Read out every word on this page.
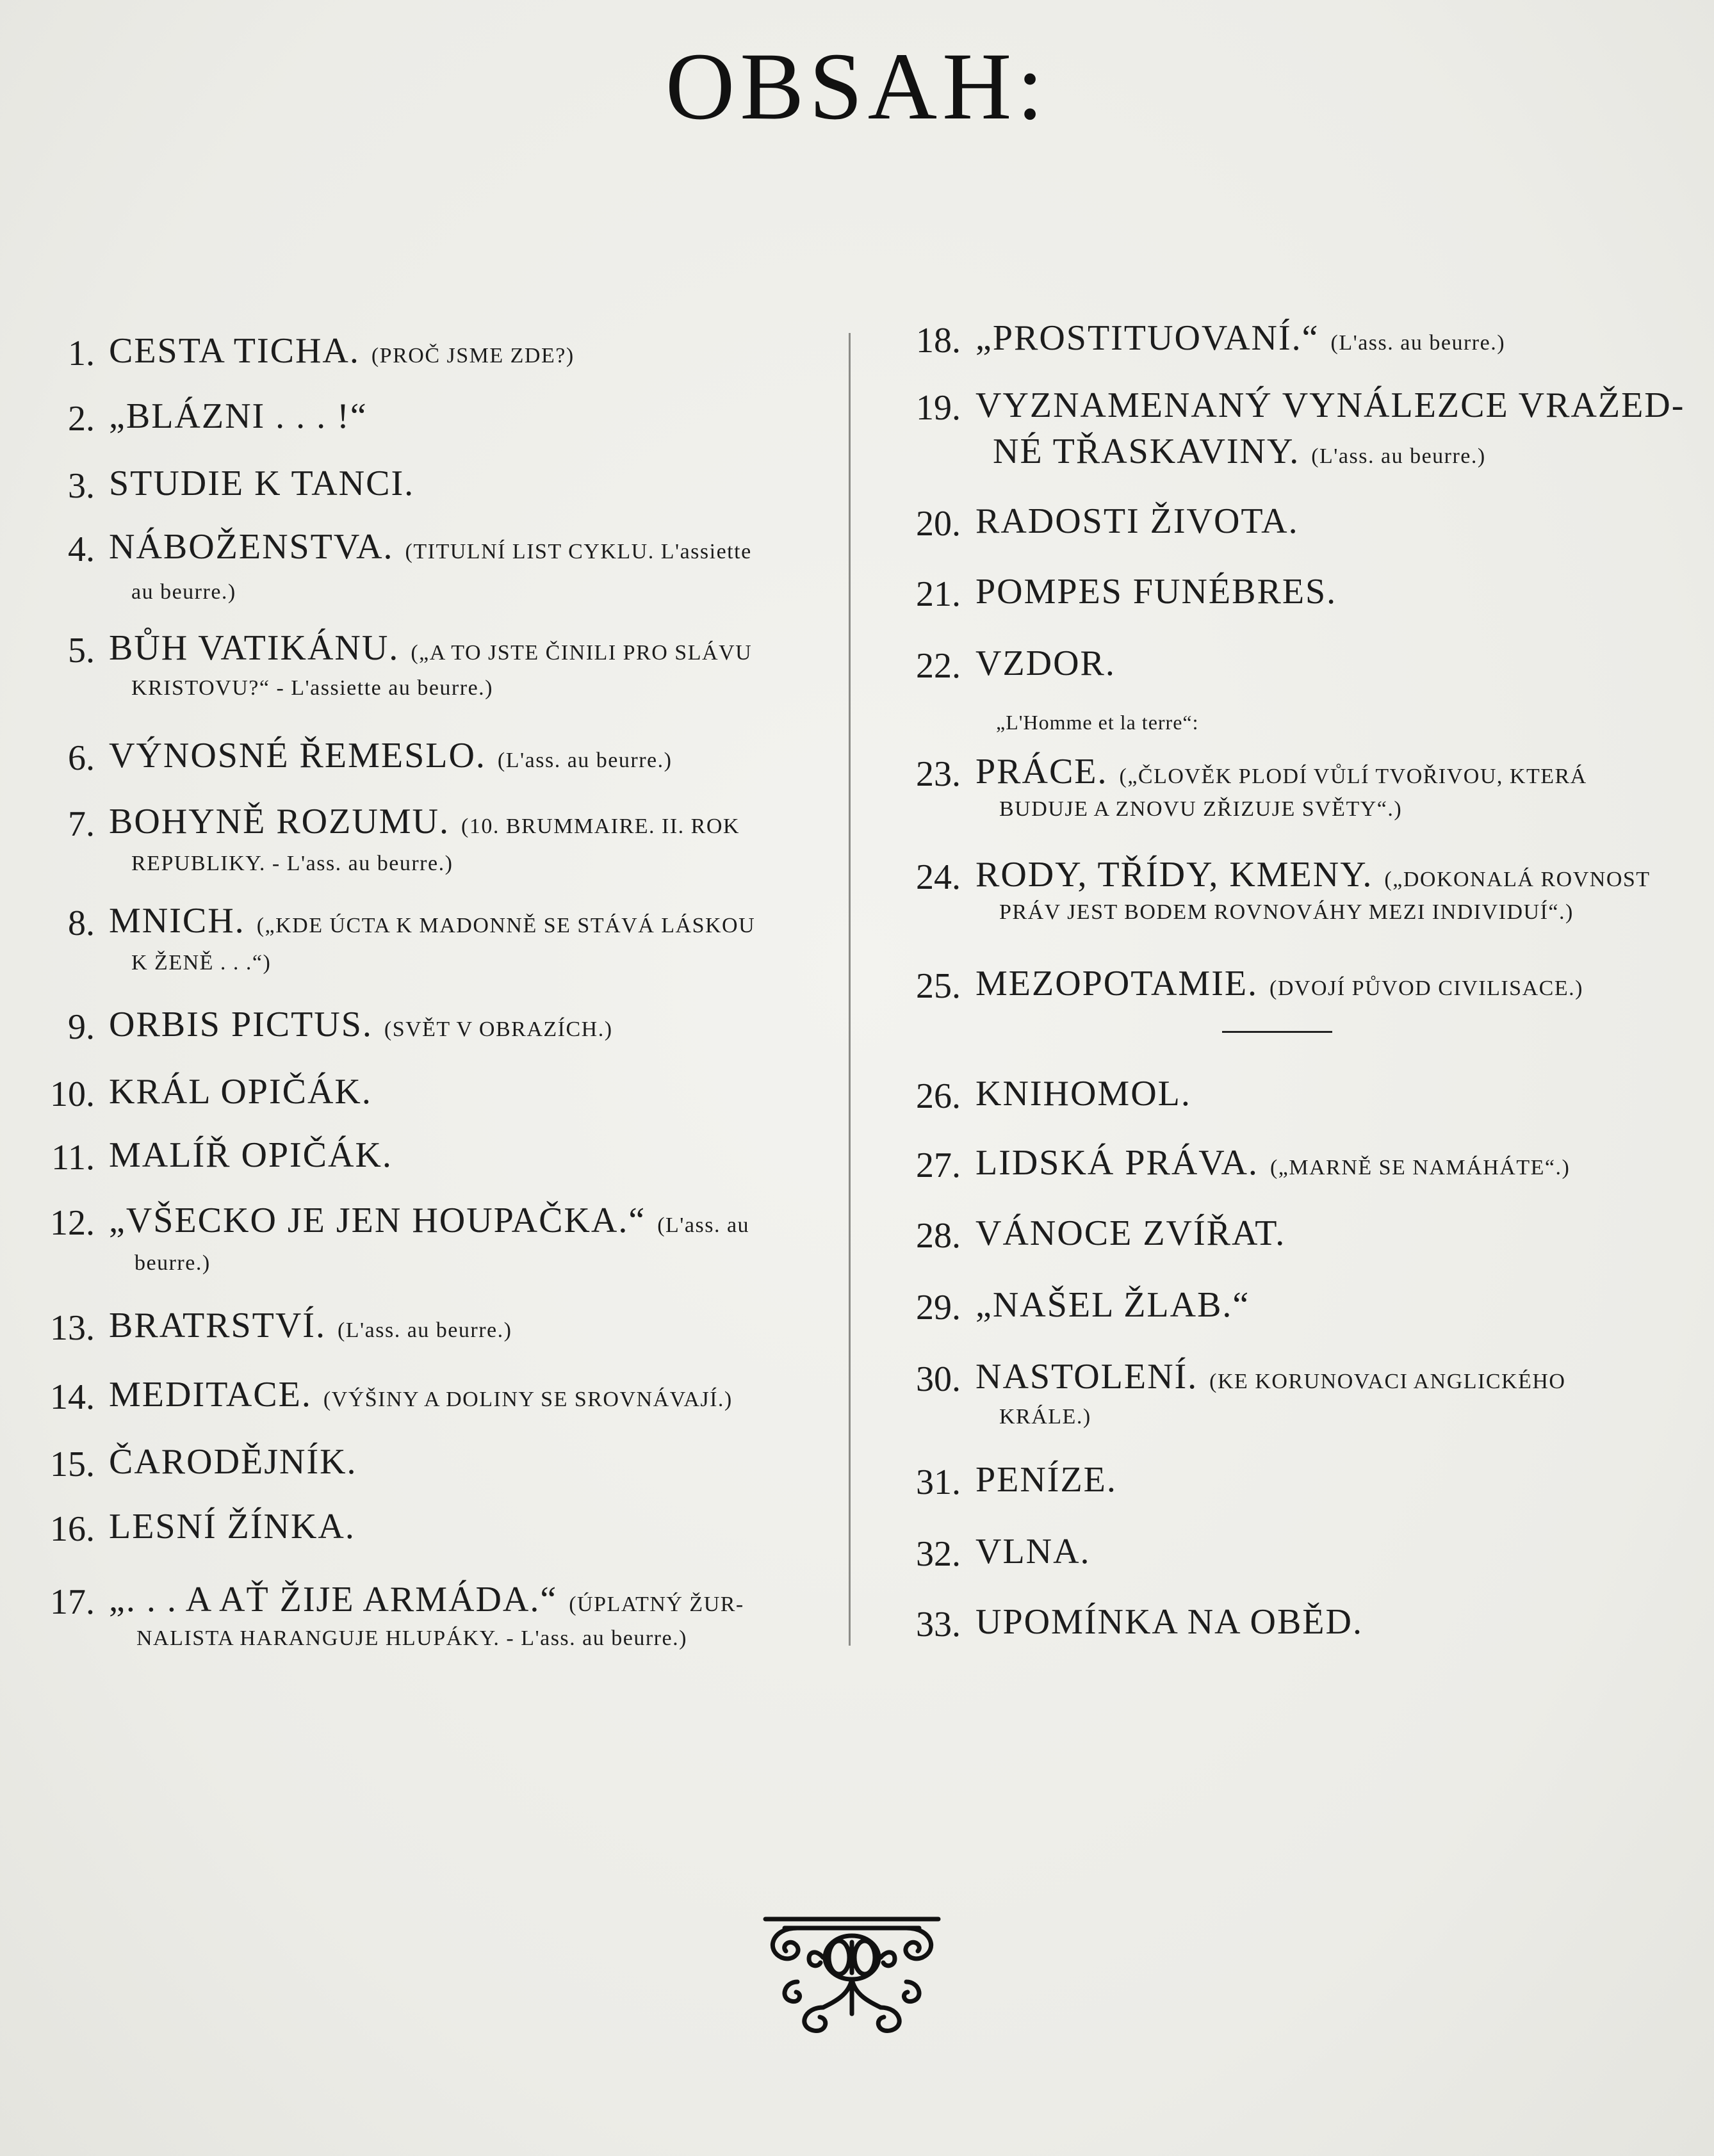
OBSAH:
1. CESTA TICHA. (PROČ JSME ZDE?)
2. „BLÁZNI . . . !“
3. STUDIE K TANCI.
4. NÁBOŽENSTVA. (TITULNÍ LIST CYKLU. L'assiette
au beurre.)
5. BŮH VATIKÁNU. („A TO JSTE ČINILI PRO SLÁVU
KRISTOVU?“ - L'assiette au beurre.)
6. VÝNOSNÉ ŘEMESLO. (L'ass. au beurre.)
7. BOHYNĚ ROZUMU. (10. BRUMMAIRE. II. ROK
REPUBLIKY. - L'ass. au beurre.)
8. MNICH. („KDE ÚCTA K MADONNĚ SE STÁVÁ LÁSKOU
K ŽENĚ . . .“)
9. ORBIS PICTUS. (SVĚT V OBRAZÍCH.)
10. KRÁL OPIČÁK.
11. MALÍŘ OPIČÁK.
12. „VŠECKO JE JEN HOUPAČKA.“ (L'ass. au
beurre.)
13. BRATRSTVÍ. (L'ass. au beurre.)
14. MEDITACE. (VÝŠINY A DOLINY SE SROVNÁVAJÍ.)
15. ČARODĚJNÍK.
16. LESNÍ ŽÍNKA.
17. „. . . A AŤ ŽIJE ARMÁDA.“ (ÚPLATNÝ ŽUR-
NALISTA HARANGUJE HLUPÁKY. - L'ass. au beurre.)
18. „PROSTITUOVANÍ.“ (L'ass. au beurre.)
19. VYZNAMENANÝ VYNÁLEZCE VRAŽED-
NÉ TŘASKAVINY. (L'ass. au beurre.)
20. RADOSTI ŽIVOTA.
21. POMPES FUNÉBRES.
22. VZDOR.
„L'Homme et la terre“:
23. PRÁCE. („ČLOVĚK PLODÍ VŮLÍ TVOŘIVOU, KTERÁ
BUDUJE A ZNOVU ZŘIZUJE SVĚTY“.)
24. RODY, TŘÍDY, KMENY. („DOKONALÁ ROVNOST
PRÁV JEST BODEM ROVNOVÁHY MEZI INDIVIDUÍ“.)
25. MEZOPOTAMIE. (DVOJÍ PŮVOD CIVILISACE.)
26. KNIHOMOL.
27. LIDSKÁ PRÁVA. („MARNĚ SE NAMÁHÁTE“.)
28. VÁNOCE ZVÍŘAT.
29. „NAŠEL ŽLAB.“
30. NASTOLENÍ. (KE KORUNOVACI ANGLICKÉHO
KRÁLE.)
31. PENÍZE.
32. VLNA.
33. UPOMÍNKA NA OBĚD.
